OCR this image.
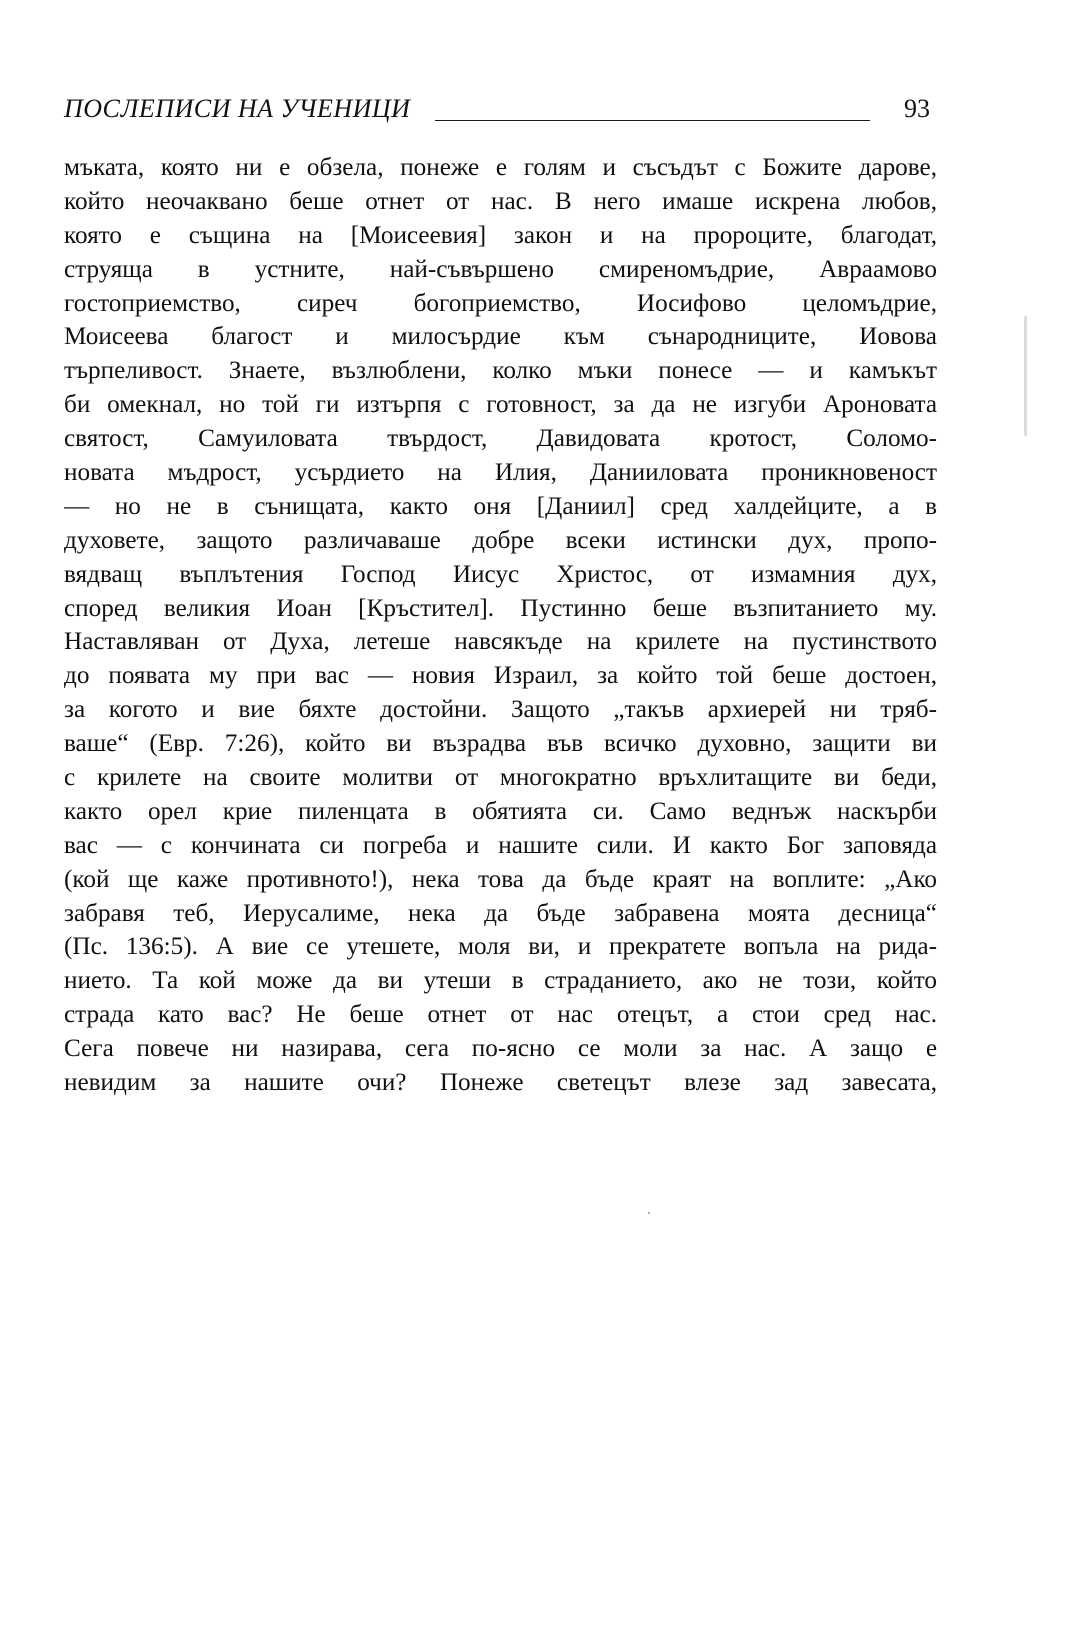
ПОСЛЕПИСИ НА УЧЕНИЦИ	93
мъката, която ни е обзела, понеже е голям и съсъдът с Божите дарове,
който неочаквано беше отнет от нас. В него имаше искрена любов,
която е същина на [Моисеевия] закон и на пророците, благодат,
струяща в устните, най-съвършено смиреномъдрие, Авраамово
гостоприемство, сиреч богоприемство, Иосифово целомъдрие,
Моисеева благост и милосърдие към сънародниците, Иовова
търпеливост. Знаете, възлюблени, колко мъки понесе — и камъкът
би омекнал, но той ги изтърпя с готовност, за да не изгуби Ароновата
святост, Самуиловата твърдост, Давидовата кротост, Соломо-
новата мъдрост, усърдието на Илия, Данииловата проникновеност
— но не в сънищата, както оня [Даниил] сред халдейците, а в
духовете, защото различаваше добре всеки истински дух, пропо-
вядващ въплътения Господ Иисус Христос, от измамния дух,
според великия Иоан [Кръстител]. Пустинно беше възпитанието му.
Наставляван от Духа, летеше навсякъде на крилете на пустинството
до появата му при вас — новия Израил, за който той беше достоен,
за когото и вие бяхте достойни. Защото „такъв архиерей ни тряб-
ваше“ (Евр. 7:26), който ви възрадва във всичко духовно, защити ви
с крилете на своите молитви от многократно връхлитащите ви беди,
както орел крие пиленцата в обятията си. Само веднъж наскърби
вас — с кончината си погреба и нашите сили. И както Бог заповяда
(кой ще каже противното!), нека това да бъде краят на воплите: „Ако
забравя теб, Иерусалиме, нека да бъде забравена моята десница“
(Пс. 136:5). А вие се утешете, моля ви, и прекратете вопъла на рида-
нието. Та кой може да ви утеши в страданието, ако не този, който
страда като вас? Не беше отнет от нас отецът, а стои сред нас.
Сега повече ни назирава, сега по-ясно се моли за нас. А защо е
невидим за нашите очи? Понеже светецът влезе зад завесата,
